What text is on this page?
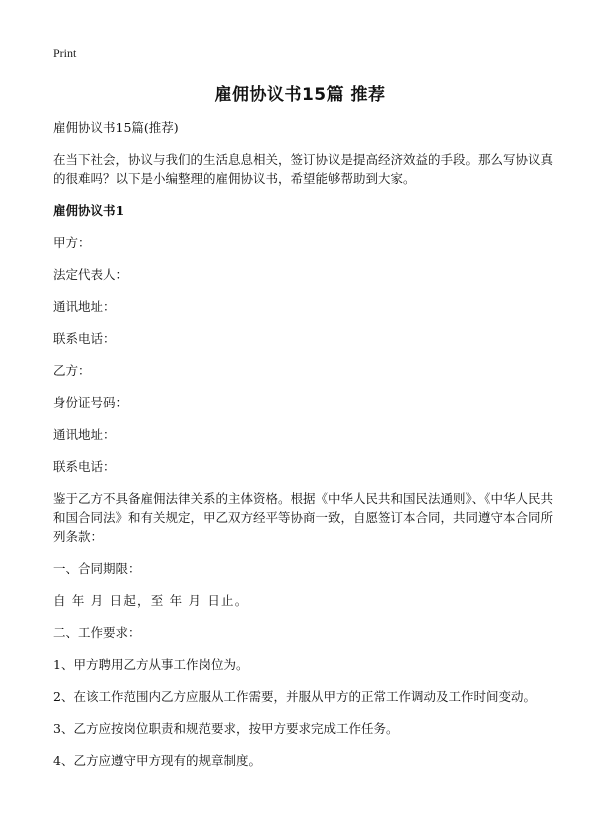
Print
雇佣协议书15篇 推荐

雇佣协议书15篇(推荐)

在当下社会，协议与我们的生活息息相关，签订协议是提高经济效益的手段。那么写协议真的很难吗？以下是小编整理的雇佣协议书，希望能够帮助到大家。

雇佣协议书1

甲方：

法定代表人：

通讯地址：

联系电话：

乙方：

身份证号码：

通讯地址：

联系电话：

鉴于乙方不具备雇佣法律关系的主体资格。根据《中华人民共和国民法通则》、《中华人民共和国合同法》和有关规定，甲乙双方经平等协商一致，自愿签订本合同，共同遵守本合同所列条款：

一、合同期限：

自 年 月 日起，至 年 月 日止。

二、工作要求：

1、甲方聘用乙方从事工作岗位为。

2、在该工作范围内乙方应服从工作需要，并服从甲方的正常工作调动及工作时间变动。

3、乙方应按岗位职责和规范要求，按甲方要求完成工作任务。

4、乙方应遵守甲方现有的规章制度。
